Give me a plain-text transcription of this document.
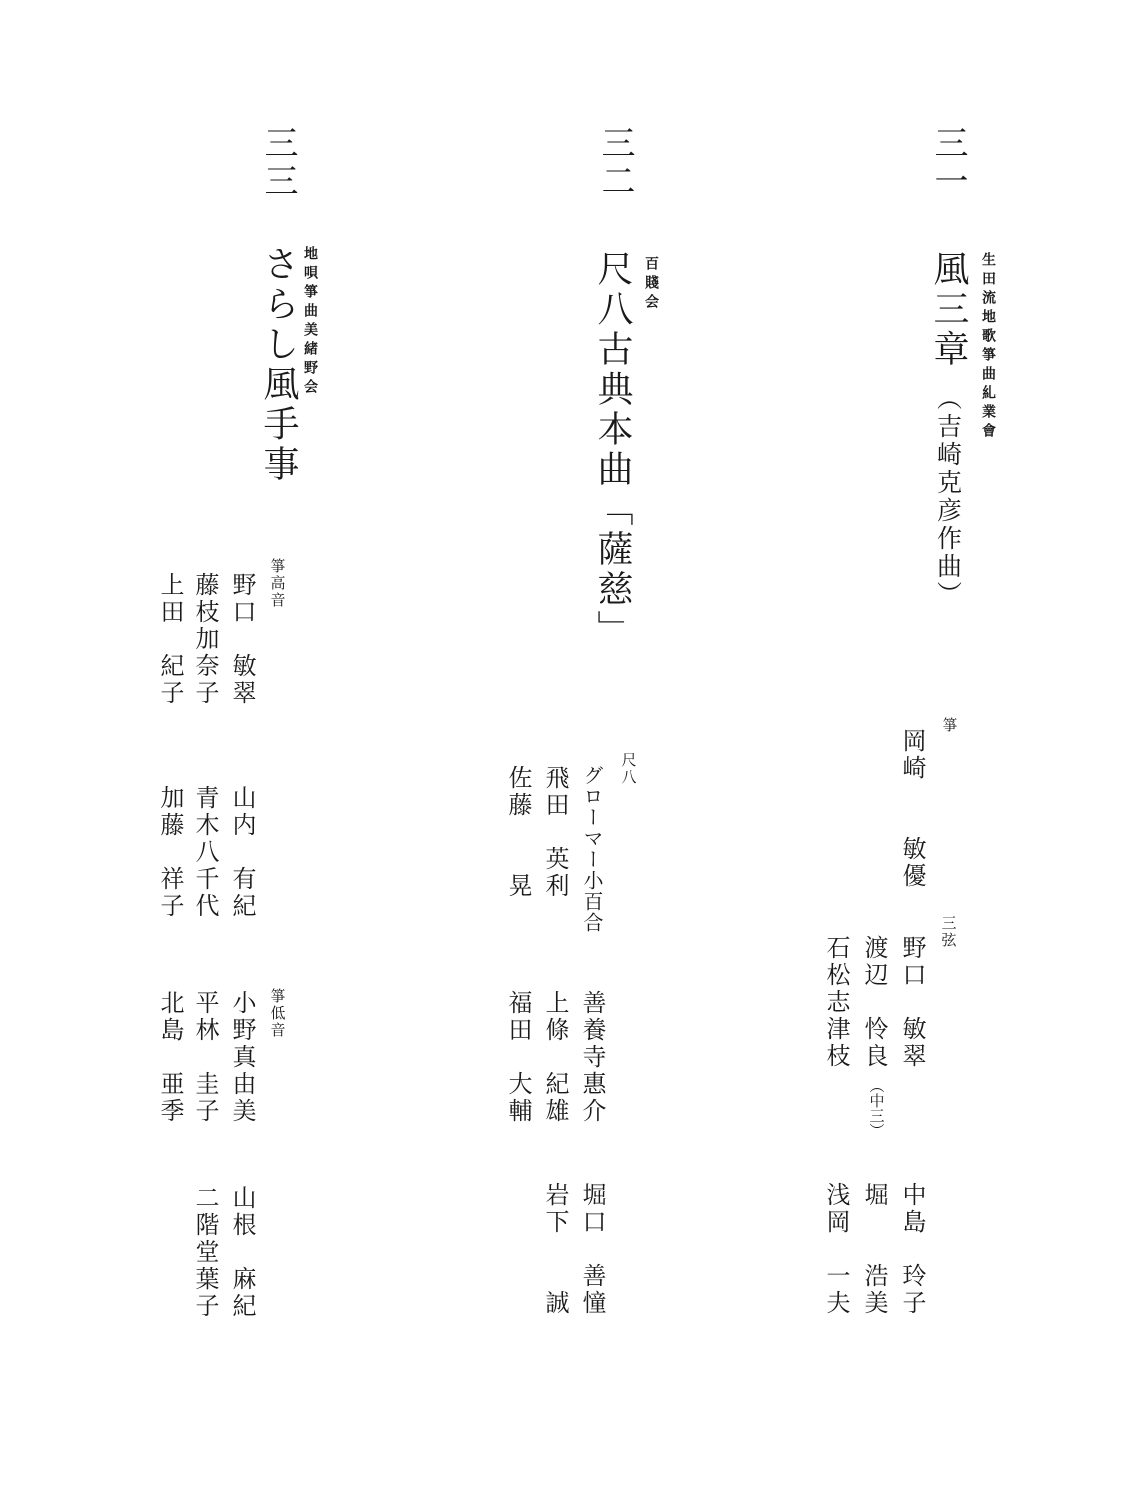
三一
生田流地歌箏曲糺業會
風三章
（吉崎克彦作曲）
箏
岡崎　　敏優
三弦
野口　敏翠
渡辺　怜良
（中三）
石松志津枝
中島　玲子
堀　　浩美
浅岡　一夫
三二
百賤会
尺八古典本曲「薩慈」
尺八
グローマー小百合
飛田　英利
佐藤　　晃
善養寺惠介
上條　紀雄
福田　大輔
堀口　善憧
岩下　　誠
三三
地唄箏曲美緒野会
さらし風手事
箏高音
野口　敏翠
藤枝加奈子
上田　紀子
山内　有紀
青木八千代
加藤　祥子
箏低音
小野真由美
平林　圭子
北島　亜季
山根　麻紀
二階堂葉子
